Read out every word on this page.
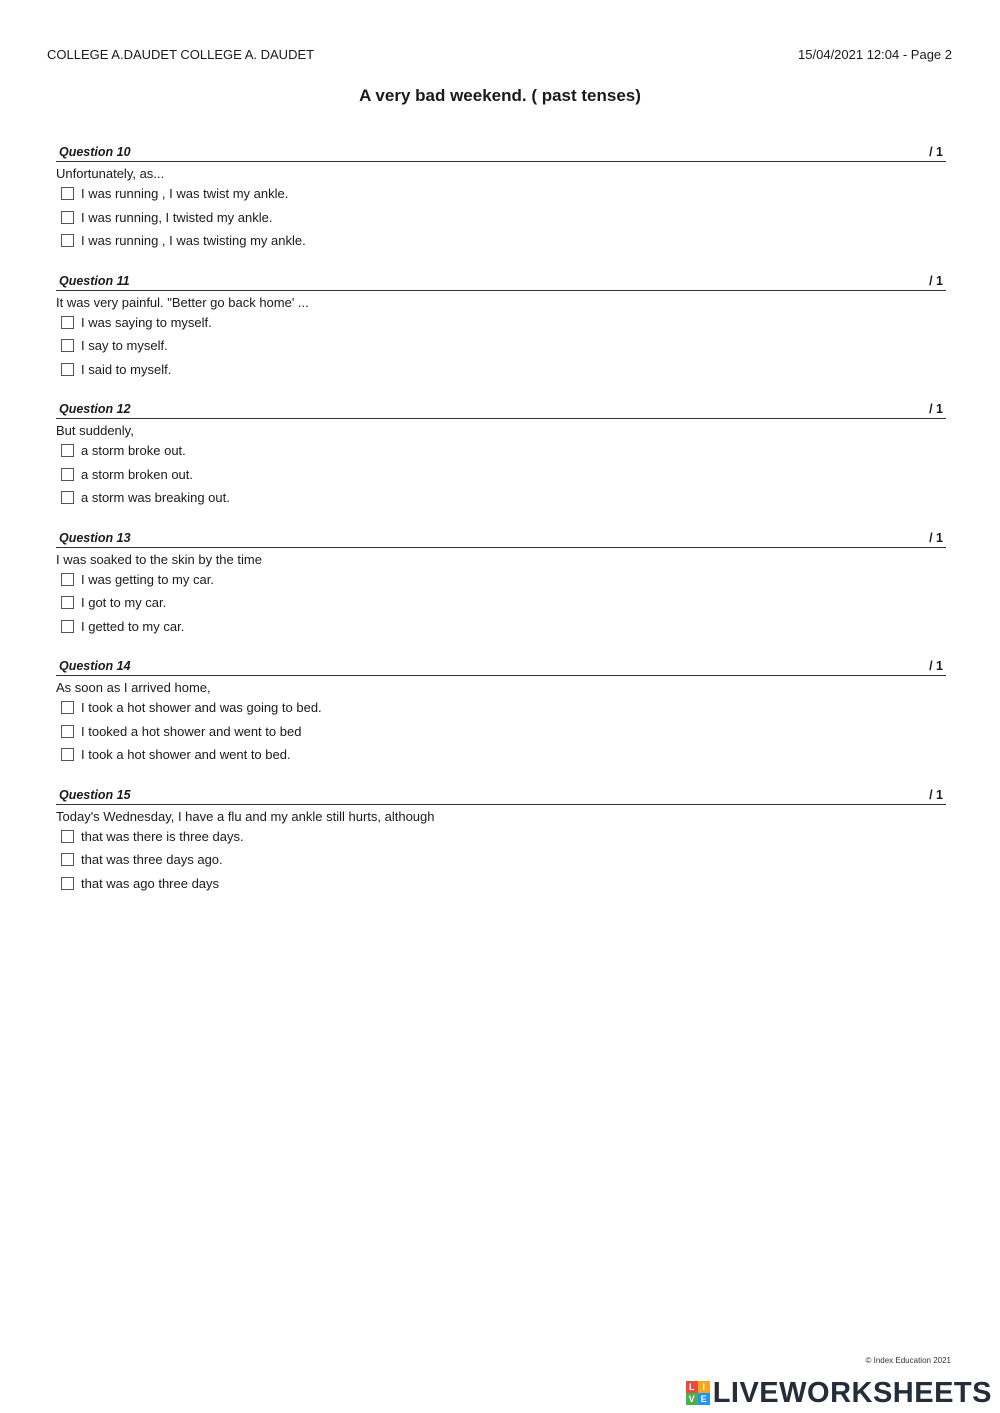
COLLEGE A.DAUDET COLLEGE A. DAUDET	15/04/2021 12:04 - Page 2
A very bad weekend. ( past tenses)
Question 10	/ 1
Unfortunately, as...
I was running , I was twist my ankle.
I was running, I twisted my ankle.
I was running , I was twisting my ankle.
Question 11	/ 1
It was very painful. "Better go back home' ...
I was saying to myself.
I say to myself.
I said to myself.
Question 12	/ 1
But suddenly,
a storm broke out.
a storm broken out.
a storm was breaking out.
Question 13	/ 1
I was soaked to the skin by the time
I was getting to my car.
I got to my car.
I getted to my car.
Question 14	/ 1
As soon as I arrived home,
I took a hot shower and was going to bed.
I tooked a hot shower and went to bed
I took a hot shower and went to bed.
Question 15	/ 1
Today's Wednesday, I have a flu and my ankle still hurts, although
that was there is three days.
that was three days ago.
that was ago three days
© Index Education 2021
L I
V E LIVEWORKSHEETS
